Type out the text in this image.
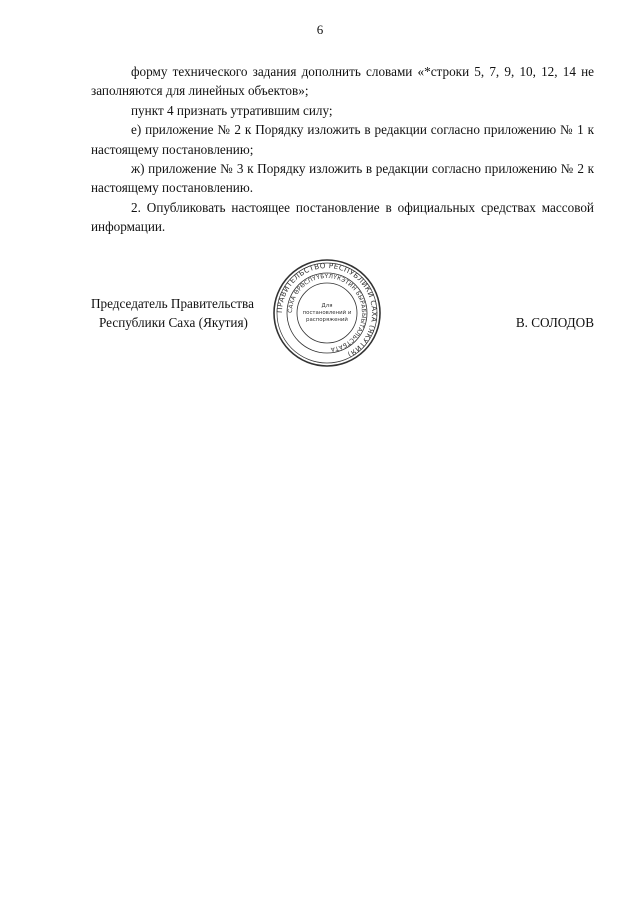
6

форму технического задания дополнить словами «*строки 5, 7, 9, 10, 12, 14 не заполняются для линейных объектов»;

пункт 4 признать утратившим силу;

е) приложение № 2 к Порядку изложить в редакции согласно приложению № 1 к настоящему постановлению;

ж) приложение № 3 к Порядку изложить в редакции согласно приложению № 2 к настоящему постановлению.

2. Опубликовать настоящее постановление в официальных средствах массовой информации.

Председатель Правительства
Республики Саха (Якутия)	В. СОЛОДОВ
ПРАВИТЕЛЬСТВО РЕСПУБЛИКИ САХА (ЯКУТИЯ)
САХА ӨРӨСПҮҮБҮЛҮКЭТИН БЫРАБЫЫТАЛЬСТБАТА
Для
постановлений и
распоряжений
